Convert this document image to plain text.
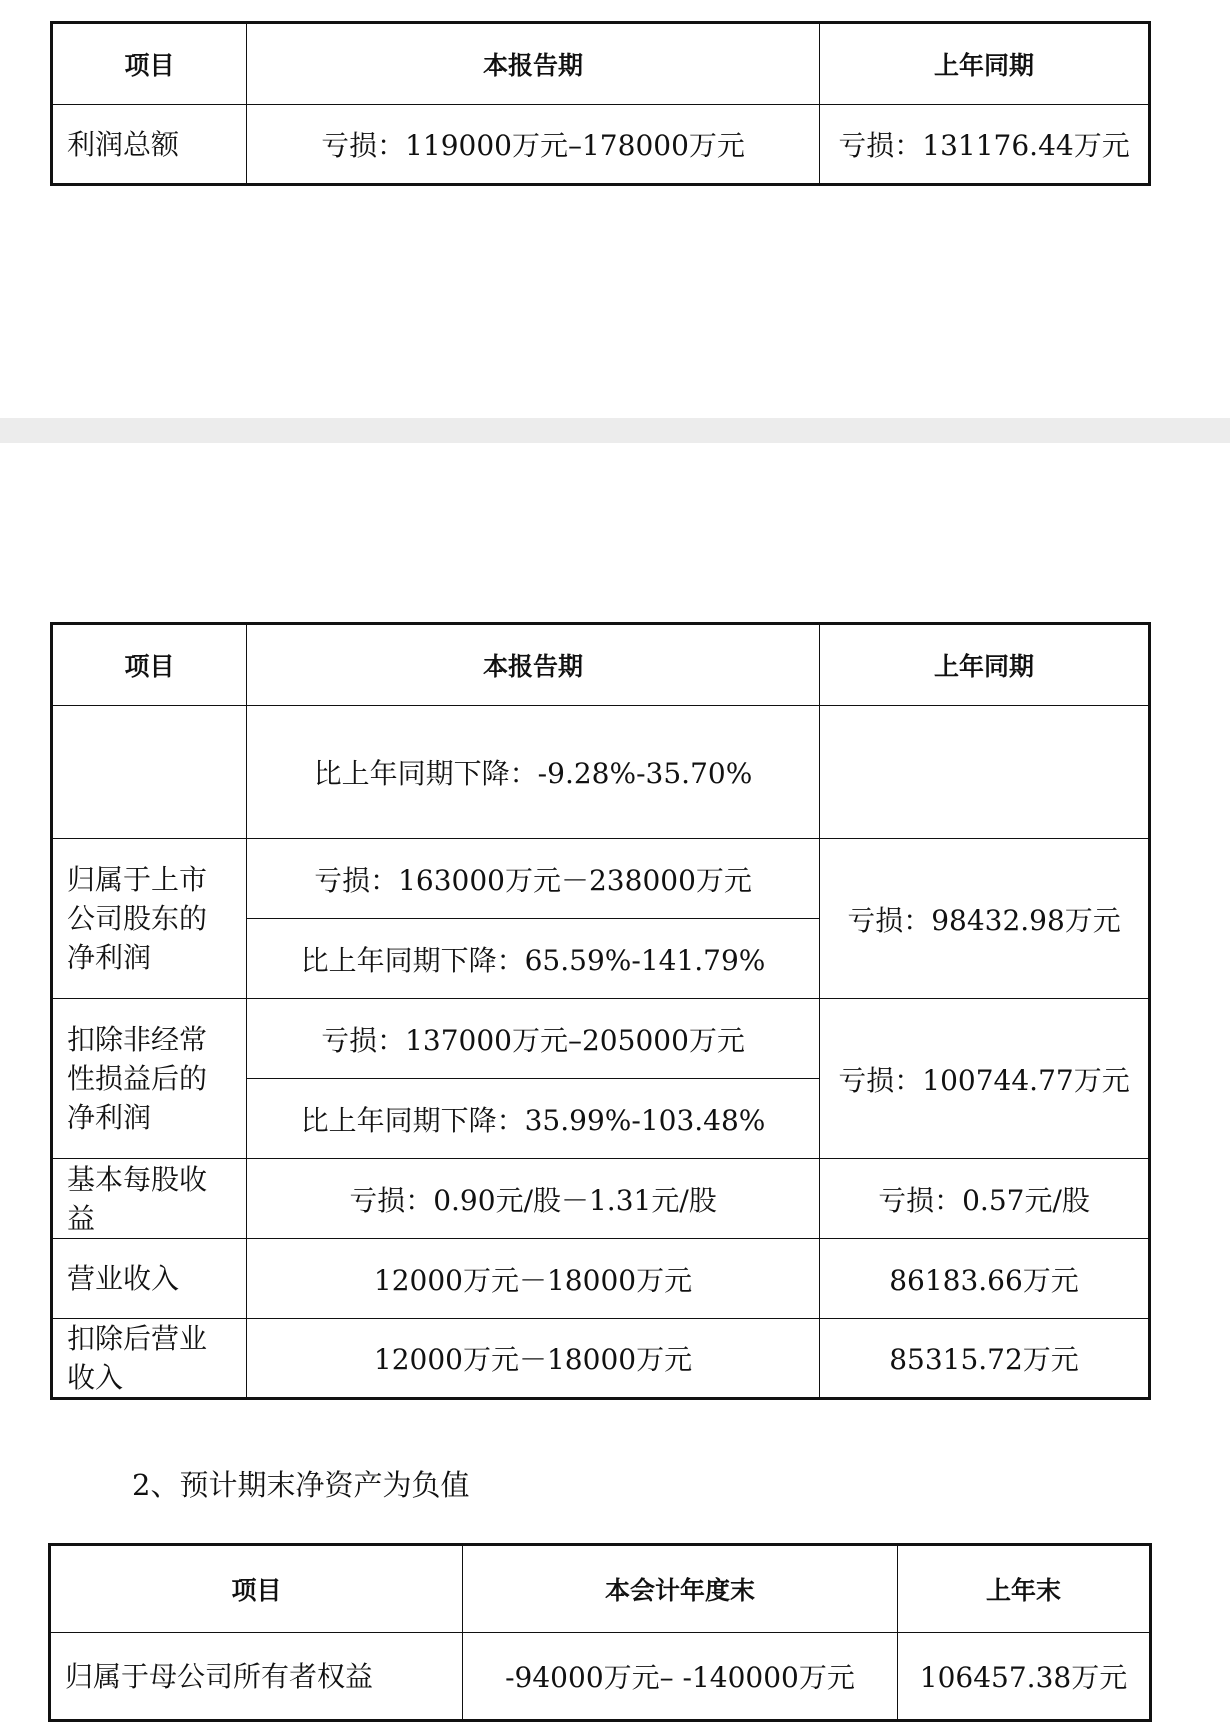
项目	本报告期	上年同期
利润总额	亏损：119000万元–178000万元	亏损：131176.44万元
项目	本报告期	上年同期
	比上年同期下降：-9.28%-35.70%	
归属于上市公司股东的净利润	亏损：163000万元－238000万元	亏损：98432.98万元
	比上年同期下降：65.59%-141.79%	
扣除非经常性损益后的净利润	亏损：137000万元–205000万元	亏损：100744.77万元
	比上年同期下降：35.99%-103.48%	
基本每股收益	亏损：0.90元/股－1.31元/股	亏损：0.57元/股
营业收入	12000万元－18000万元	86183.66万元
扣除后营业收入	12000万元－18000万元	85315.72万元
2、预计期末净资产为负值
项目	本会计年度末	上年末
归属于母公司所有者权益	-94000万元– -140000万元	106457.38万元
